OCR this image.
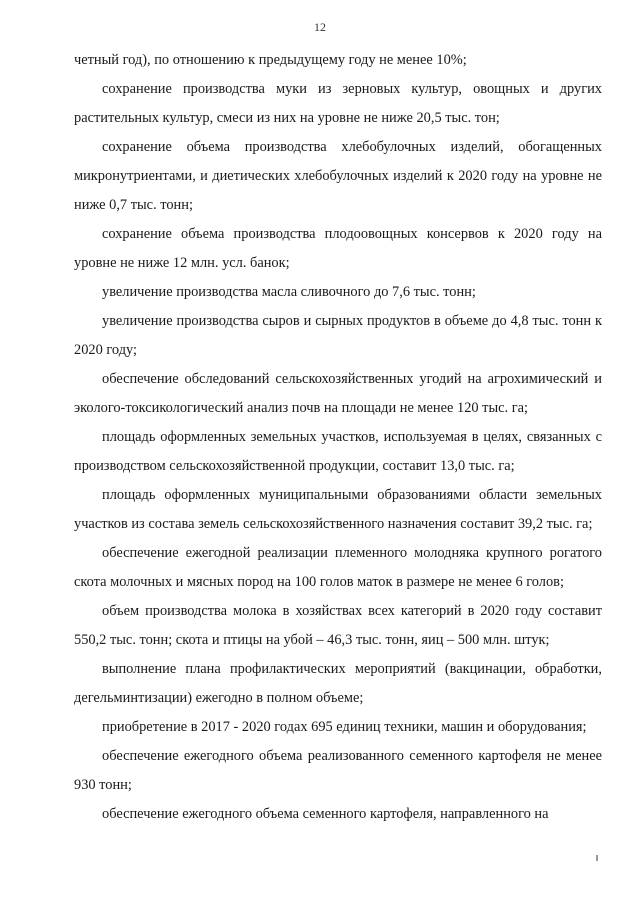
12

четный год), по отношению к предыдущему году не менее 10%;

сохранение производства муки из зерновых культур, овощных и других растительных культур, смеси из них на уровне не ниже 20,5 тыс. тон;

сохранение объема производства хлебобулочных изделий, обогащенных микронутриентами, и диетических хлебобулочных изделий к 2020 году на уровне не ниже 0,7 тыс. тонн;

сохранение объема производства плодоовощных консервов к 2020 году на уровне не ниже 12 млн. усл. банок;

увеличение производства масла сливочного до 7,6 тыс. тонн;

увеличение производства сыров и сырных продуктов в объеме до 4,8 тыс. тонн к 2020 году;

обеспечение обследований сельскохозяйственных угодий на агрохимический и эколого-токсикологический анализ почв на площади не менее 120 тыс. га;

площадь оформленных земельных участков, используемая в целях, связанных с производством сельскохозяйственной продукции, составит 13,0 тыс. га;

площадь оформленных муниципальными образованиями области земельных участков из состава земель сельскохозяйственного назначения составит 39,2 тыс. га;

обеспечение ежегодной реализации племенного молодняка крупного рогатого скота молочных и мясных пород на 100 голов маток в размере не менее 6 голов;

объем производства молока в хозяйствах всех категорий в 2020 году составит 550,2 тыс. тонн; скота и птицы на убой – 46,3 тыс. тонн, яиц – 500 млн. штук;

выполнение плана профилактических мероприятий (вакцинации, обработки, дегельминтизации) ежегодно в полном объеме;

приобретение в 2017 - 2020 годах 695 единиц техники, машин и оборудования;

обеспечение ежегодного объема реализованного семенного картофеля не менее 930 тонн;

обеспечение ежегодного объема семенного картофеля, направленного на
